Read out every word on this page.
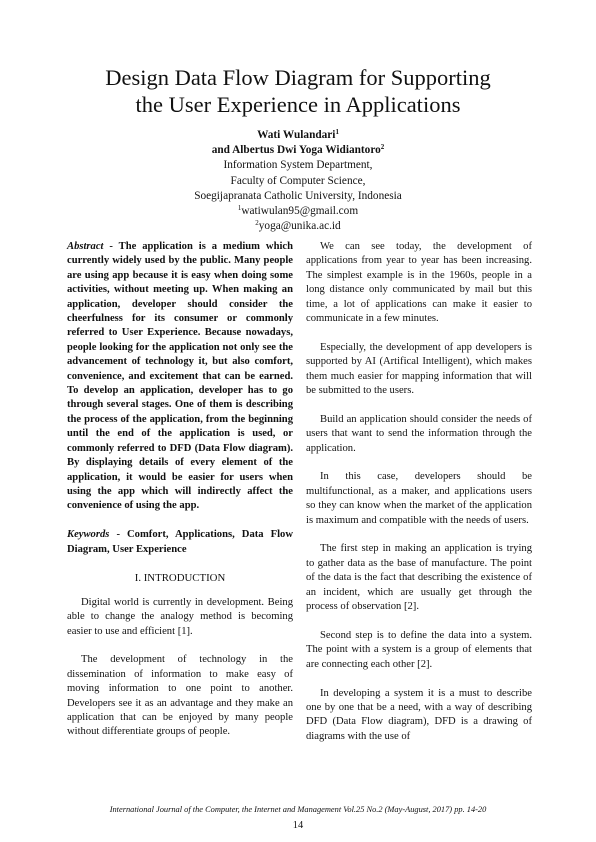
Design Data Flow Diagram for Supporting
the User Experience in Applications
Wati Wulandari$^1$
and Albertus Dwi Yoga Widiantoro$^2$
Information System Department,
Faculty of Computer Science,
Soegijapranata Catholic University, Indonesia
$^1$watiwulan95@gmail.com
$^2$yoga@unika.ac.id

Abstract - The application is a medium which currently widely used by the public. Many people are using app because it is easy when doing some activities, without meeting up. When making an application, developer should consider the cheerfulness for its consumer or commonly referred to User Experience. Because nowadays, people looking for the application not only see the advancement of technology it, but also comfort, convenience, and excitement that can be earned. To develop an application, developer has to go through several stages. One of them is describing the process of the application, from the beginning until the end of the application is used, or commonly referred to DFD (Data Flow diagram). By displaying details of every element of the application, it would be easier for users when using the app which will indirectly affect the convenience of using the app.

Keywords - Comfort, Applications, Data Flow Diagram, User Experience

I. INTRODUCTION

Digital world is currently in development. Being able to change the analogy method is becoming easier to use and efficient [1].

The development of technology in the dissemination of information to make easy of moving information to one point to another. Developers see it as an advantage and they make an application that can be enjoyed by many people without differentiate groups of people.

We can see today, the development of applications from year to year has been increasing. The simplest example is in the 1960s, people in a long distance only communicated by mail but this time, a lot of applications can make it easier to communicate in a few minutes.

Especially, the development of app developers is supported by AI (Artifical Intelligent), which makes them much easier for mapping information that will be submitted to the users.

Build an application should consider the needs of users that want to send the information through the application.

In this case, developers should be multifunctional, as a maker, and applications users so they can know when the market of the application is maximum and compatible with the needs of users.

The first step in making an application is trying to gather data as the base of manufacture. The point of the data is the fact that describing the existence of an incident, which are usually get through the process of observation [2].

Second step is to define the data into a system. The point with a system is a group of elements that are connecting each other [2].

In developing a system it is a must to describe one by one that be a need, with a way of describing DFD (Data Flow diagram), DFD is a drawing of diagrams with the use of

International Journal of the Computer, the Internet and Management Vol.25 No.2 (May-August, 2017) pp. 14-20
14
